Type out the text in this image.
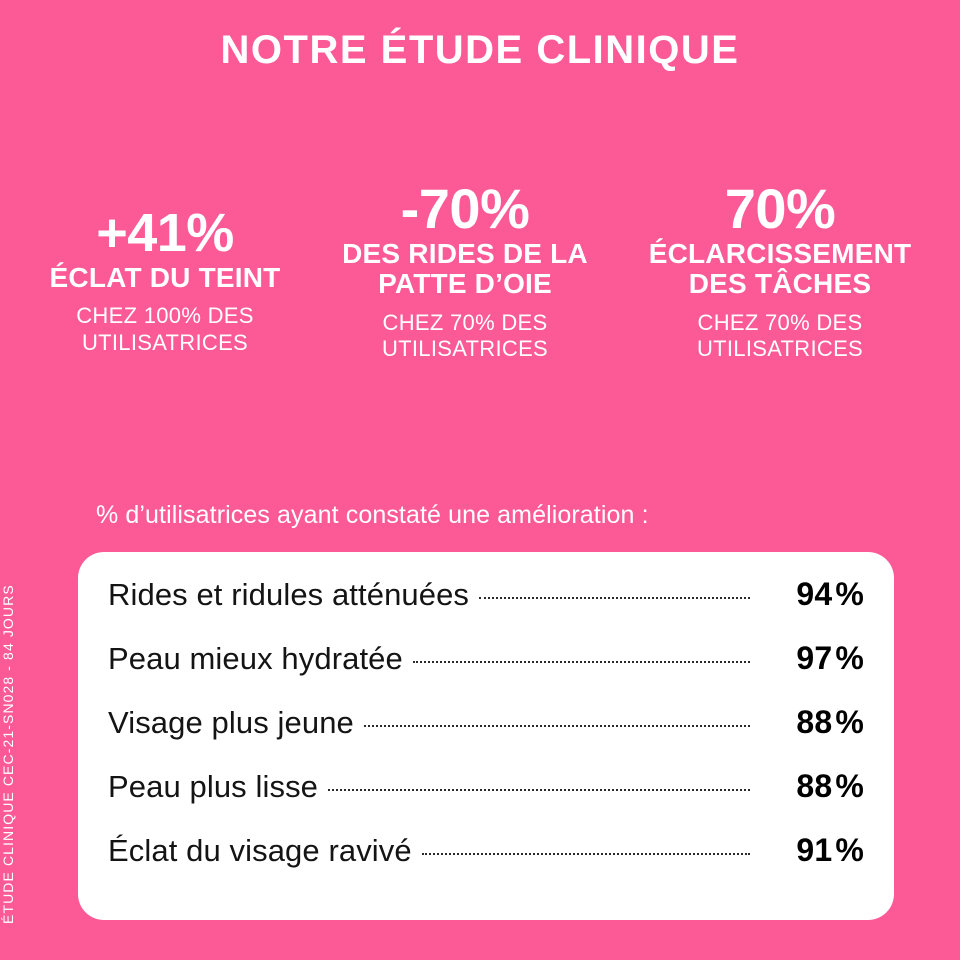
NOTRE ÉTUDE CLINIQUE
+41%
ÉCLAT DU TEINT
CHEZ 100% DES UTILISATRICES
-70%
DES RIDES DE LA PATTE D’OIE
CHEZ 70% DES UTILISATRICES
70%
ÉCLARCISSEMENT DES TÂCHES
CHEZ 70% DES UTILISATRICES
ÉTUDE CLINIQUE CEC-21-SN028 - 84 JOURS
% d’utilisatrices ayant constaté une amélioration :
Rides et ridules atténuées	94%
Peau mieux hydratée	97%
Visage plus jeune	88%
Peau plus lisse	88%
Éclat du visage ravivé	91%
